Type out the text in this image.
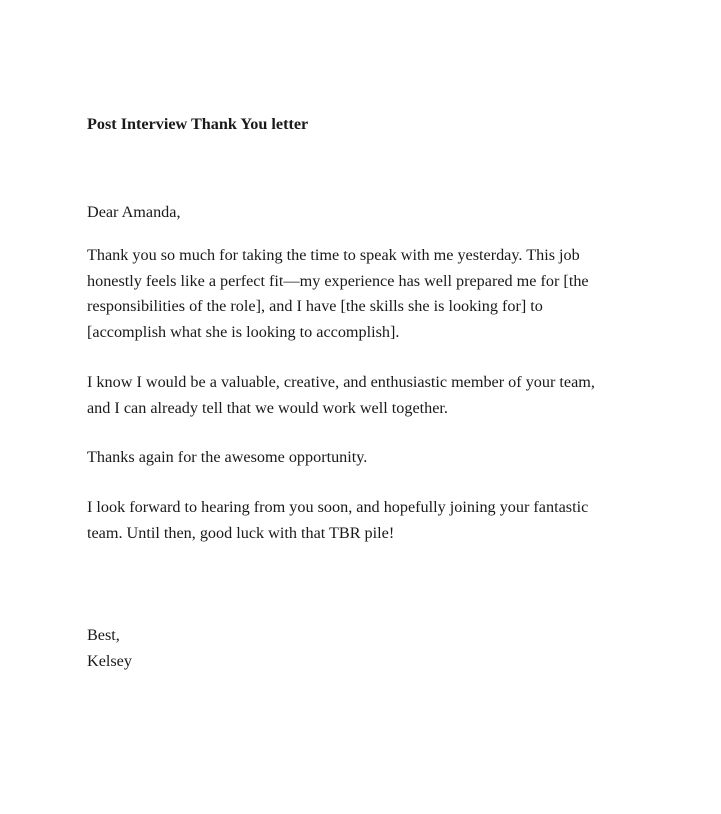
Post Interview Thank You letter

Dear Amanda,

Thank you so much for taking the time to speak with me yesterday. This job
honestly feels like a perfect fit—my experience has well prepared me for [the
responsibilities of the role], and I have [the skills she is looking for] to
[accomplish what she is looking to accomplish].

I know I would be a valuable, creative, and enthusiastic member of your team,
and I can already tell that we would work well together.

Thanks again for the awesome opportunity.

I look forward to hearing from you soon, and hopefully joining your fantastic
team. Until then, good luck with that TBR pile!

Best,
Kelsey
